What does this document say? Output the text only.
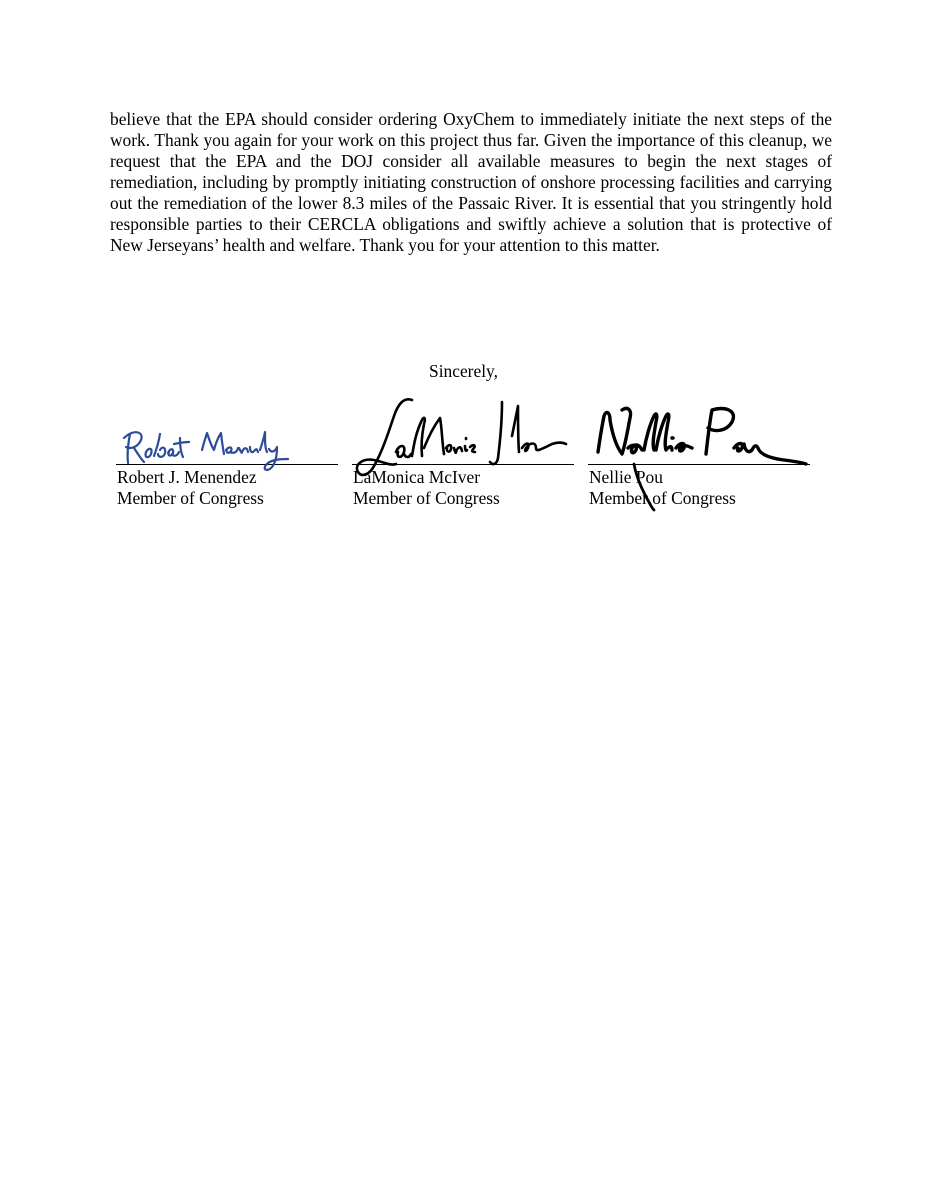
believe that the EPA should consider ordering OxyChem to immediately initiate the next steps of the work. Thank you again for your work on this project thus far. Given the importance of this cleanup, we request that the EPA and the DOJ consider all available measures to begin the next stages of remediation, including by promptly initiating construction of onshore processing facilities and carrying out the remediation of the lower 8.3 miles of the Passaic River. It is essential that you stringently hold responsible parties to their CERCLA obligations and swiftly achieve a solution that is protective of New Jerseyans’ health and welfare. Thank you for your attention to this matter.

Sincerely,
Robert J. Menendez
Member of Congress
LaMonica McIver
Member of Congress
Nellie Pou
Member of Congress
